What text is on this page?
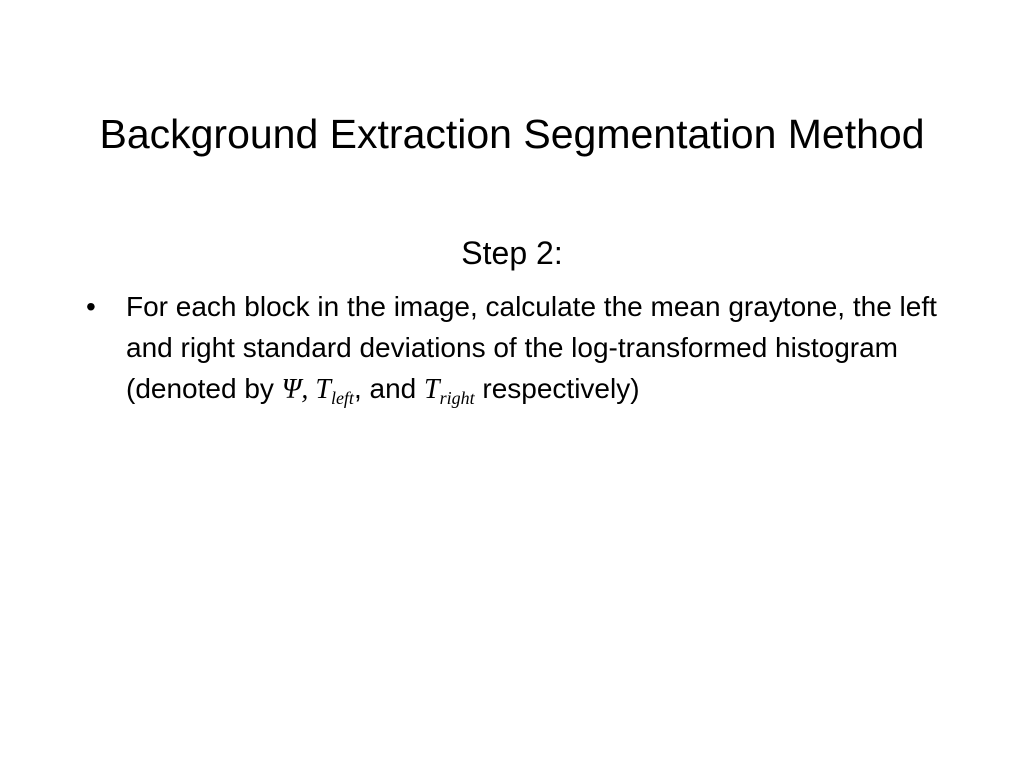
Background Extraction Segmentation Method
Step 2:
• For each block in the image, calculate the mean graytone, the left and right standard deviations of the log-transformed histogram (denoted by Ψ, $T_{left}$, and $T_{right}$ respectively)
